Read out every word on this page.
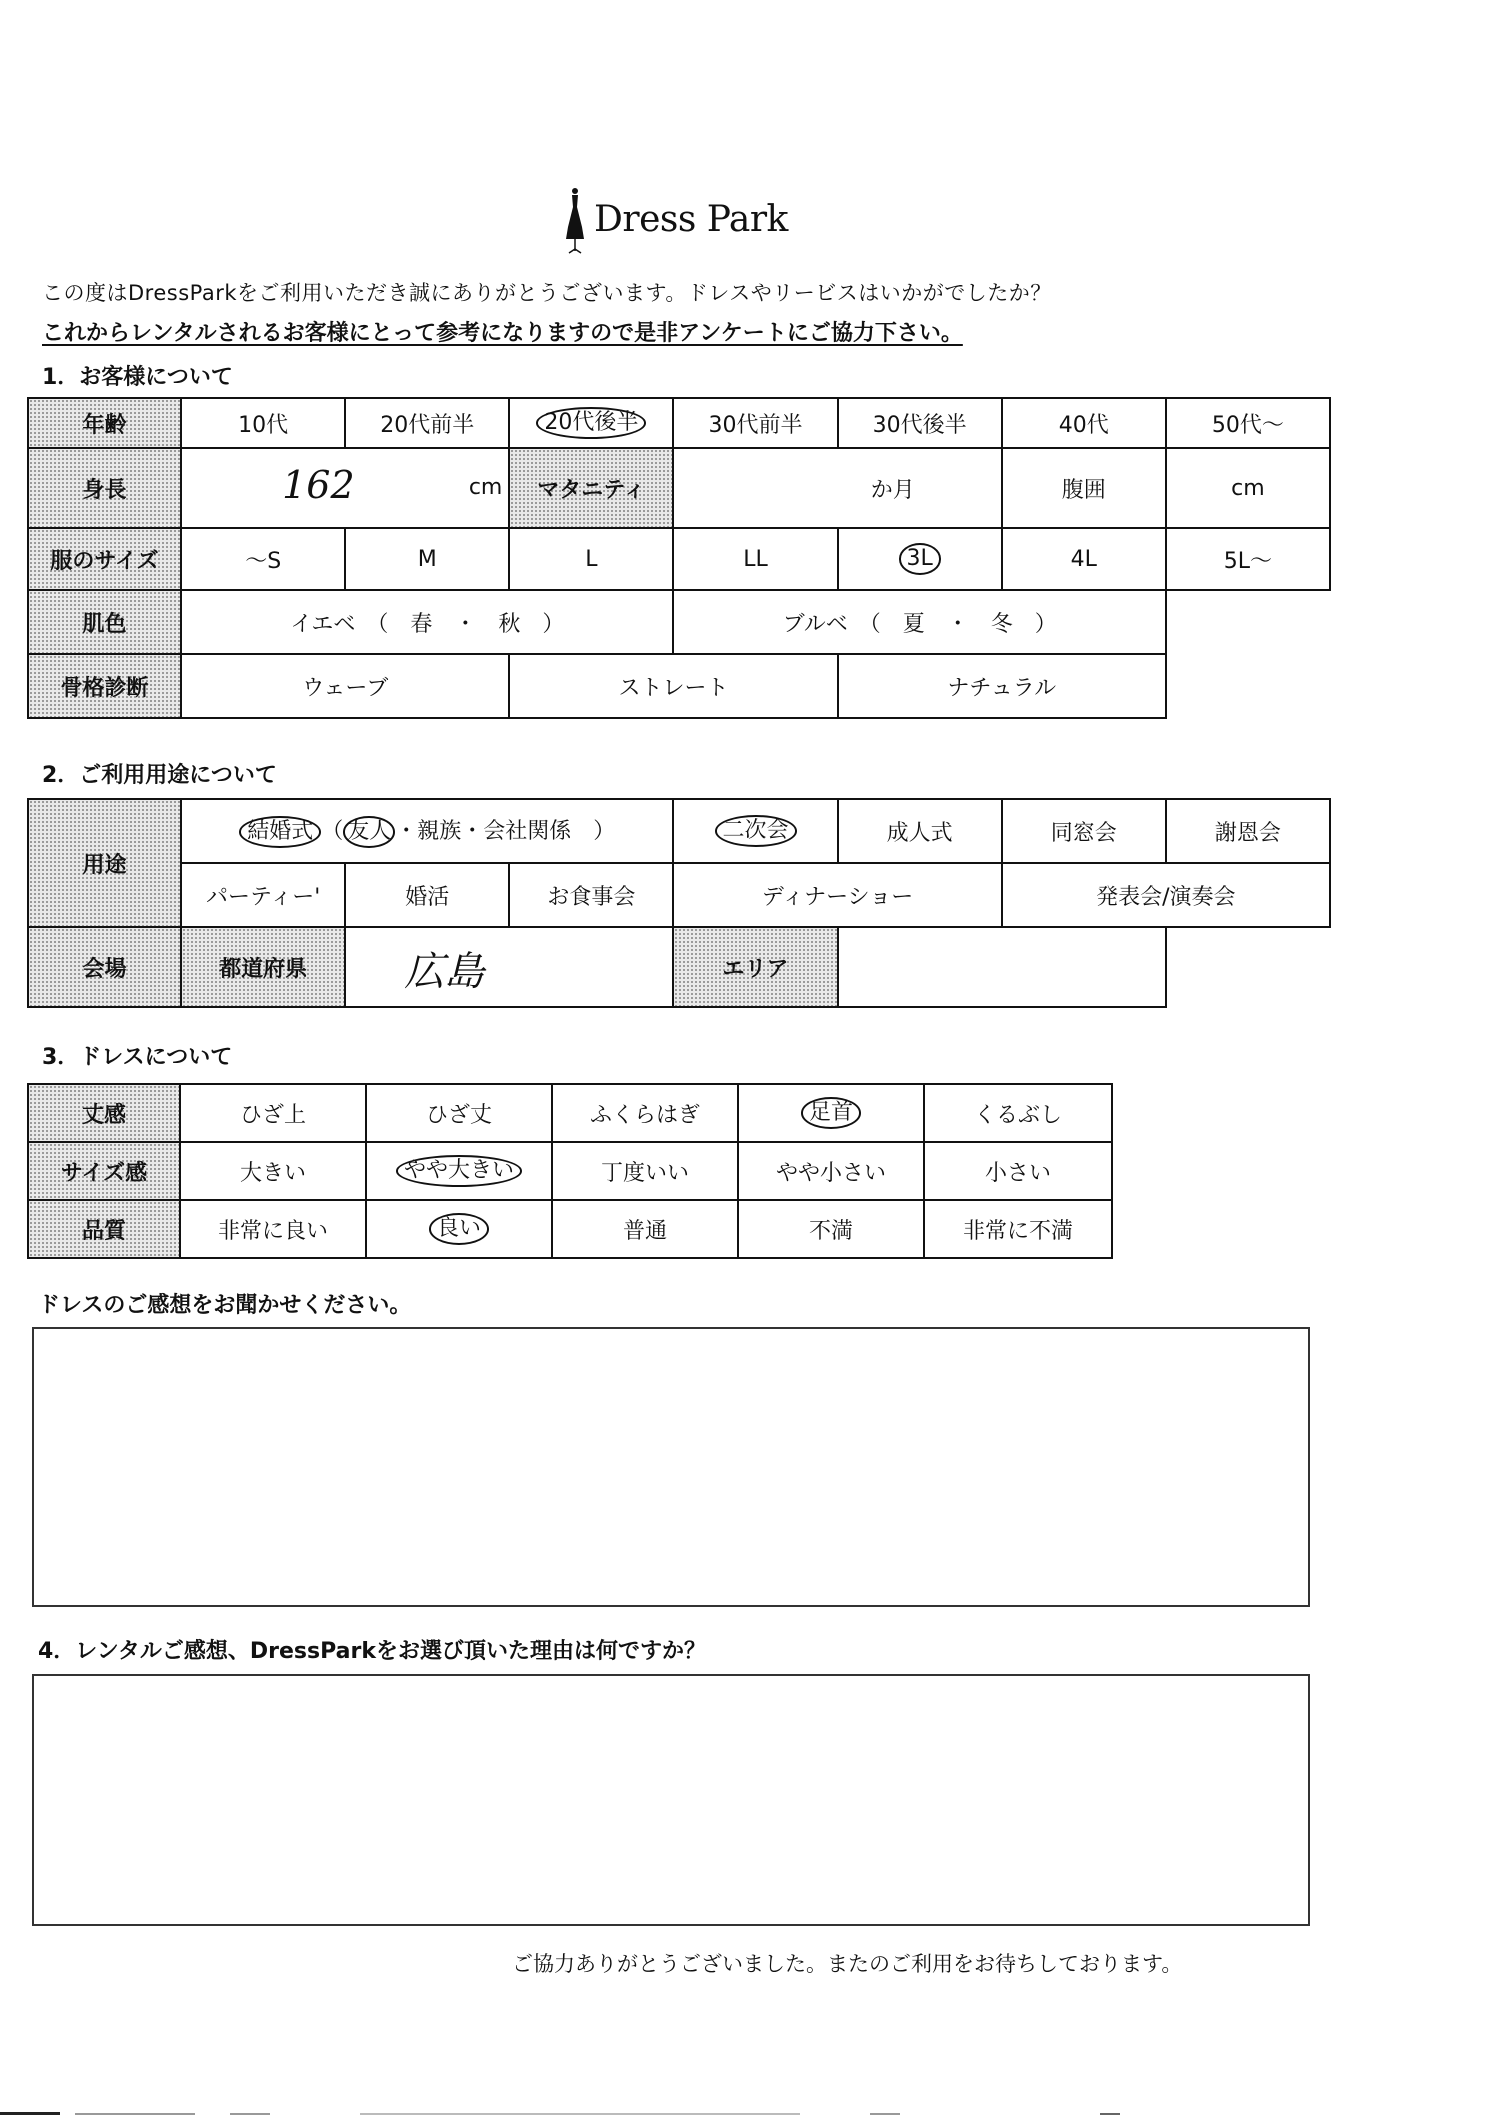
Dress Park
この度はDressParkをご利用いただき誠にありがとうございます。ドレスやリービスはいかがでしたか？
これからレンタルされるお客様にとって参考になりますので是非アンケートにご協力下さい。
1．お客様について
年齢	10代	20代前半	20代後半	30代前半	30代後半	40代	50代～
身長	162 cm		マタニティ	か月		腹囲	cm
服のサイズ	～S	M	L	LL	3L	4L	5L～
肌色	イエベ　（　春　・　秋　）			ブルベ　（　夏　・　冬　）			
骨格診断	ウェーブ		ストレート		ナチュラル		
2．ご利用用途について
用途	結婚式 （ 友人 ・親族・会社関係　）			二次会	成人式	同窓会	謝恩会
	パーティー'	婚活	お食事会	ディナーショー		発表会/演奏会	
会場	都道府県	広島		エリア			
3．ドレスについて
丈感	ひざ上	ひざ丈	ふくらはぎ	足首	くるぶし
サイズ感	大きい	やや大きい	丁度いい	やや小さい	小さい
品質	非常に良い	良い	普通	不満	非常に不満
ドレスのご感想をお聞かせください。
4．レンタルご感想、DressParkをお選び頂いた理由は何ですか？
ご協力ありがとうございました。またのご利用をお待ちしております。
